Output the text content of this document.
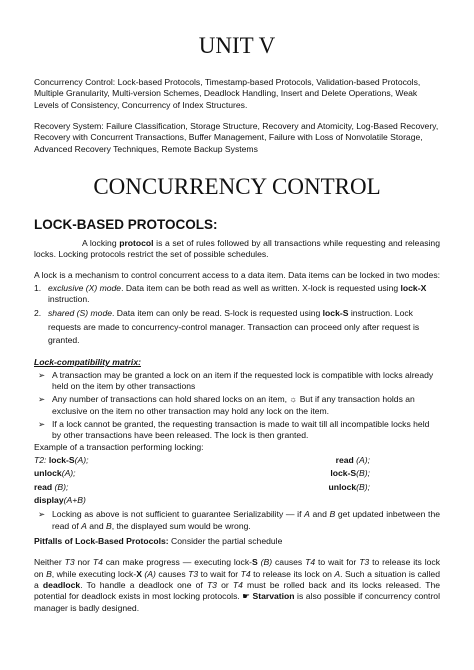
UNIT V

Concurrency Control: Lock-based Protocols, Timestamp-based Protocols, Validation-based Protocols, Multiple Granularity, Multi-version Schemes, Deadlock Handling, Insert and Delete Operations, Weak Levels of Consistency, Concurrency of Index Structures.

Recovery System: Failure Classification, Storage Structure, Recovery and Atomicity, Log-Based Recovery, Recovery with Concurrent Transactions, Buffer Management, Failure with Loss of Nonvolatile Storage, Advanced Recovery Techniques, Remote Backup Systems

CONCURRENCY CONTROL
LOCK-BASED PROTOCOLS:

A locking protocol is a set of rules followed by all transactions while requesting and releasing locks. Locking protocols restrict the set of possible schedules.

A lock is a mechanism to control concurrent access to a data item. Data items can be locked in two modes:

1. exclusive (X) mode. Data item can be both read as well as written. X-lock is requested using lock-X instruction.
2. shared (S) mode. Data item can only be read. S-lock is requested using lock-S instruction. Lock requests are made to concurrency-control manager. Transaction can proceed only after request is granted.

Lock-compatibility matrix:

➢ A transaction may be granted a lock on an item if the requested lock is compatible with locks already held on the item by other transactions
➢ Any number of transactions can hold shared locks on an item, ☼ But if any transaction holds an exclusive on the item no other transaction may hold any lock on the item.
➢ If a lock cannot be granted, the requesting transaction is made to wait till all incompatible locks held by other transactions have been released. The lock is then granted.

Example of a transaction performing locking:

T2: lock-S(A);	read (A);
unlock(A);	lock-S(B);
read (B);	unlock(B);
display(A+B)
➢ Locking as above is not sufficient to guarantee Serializability — if A and B get updated inbetween the read of A and B, the displayed sum would be wrong.

Pitfalls of Lock-Based Protocols: Consider the partial schedule

Neither T3 nor T4 can make progress — executing lock-S (B) causes T4 to wait for T3 to release its lock on B, while executing lock-X (A) causes T3 to wait for T4 to release its lock on A. Such a situation is called a deadlock. To handle a deadlock one of T3 or T4 must be rolled back and its locks released. The potential for deadlock exists in most locking protocols. ☛ Starvation is also possible if concurrency control manager is badly designed.
